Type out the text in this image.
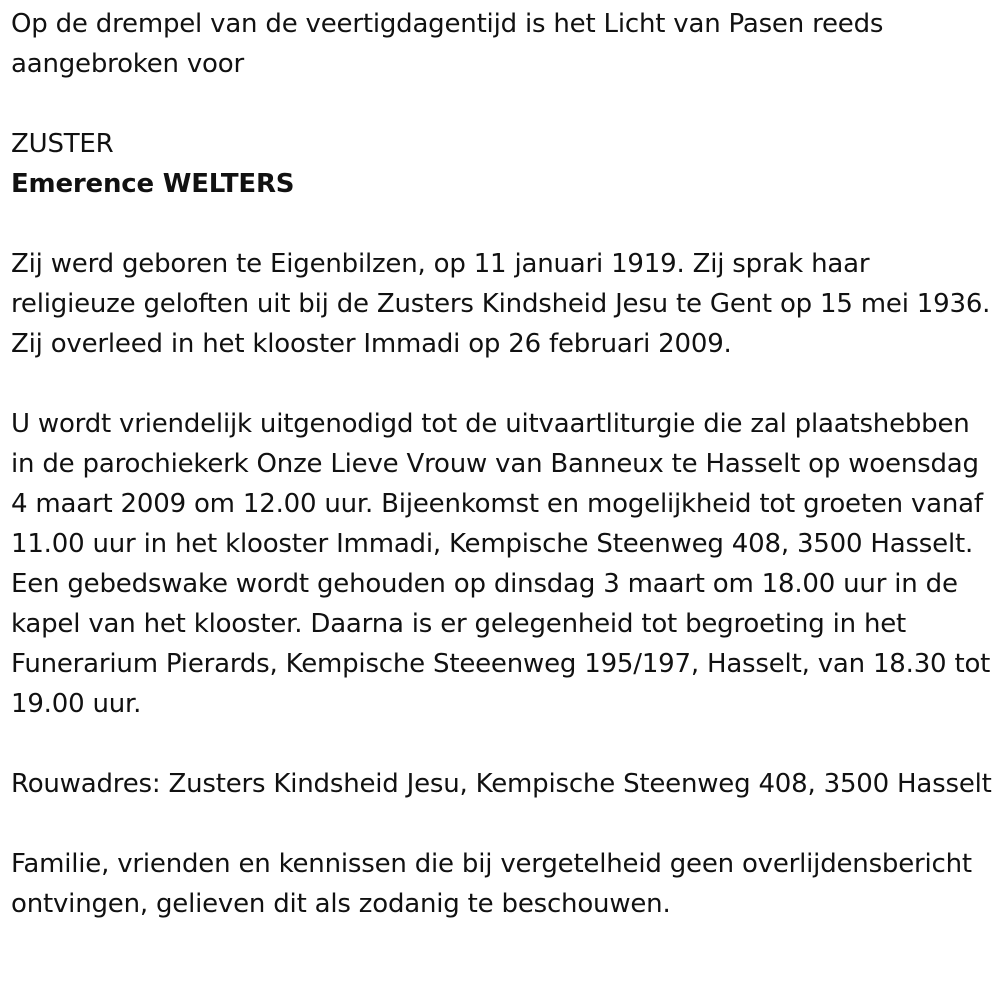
Op de drempel van de veertigdagentijd is het Licht van Pasen reeds aangebroken voor

ZUSTER

Emerence WELTERS

Zij werd geboren te Eigenbilzen, op 11 januari 1919. Zij sprak haar religieuze geloften uit bij de Zusters Kindsheid Jesu te Gent op 15 mei 1936. Zij overleed in het klooster Immadi op 26 februari 2009.

U wordt vriendelijk uitgenodigd tot de uitvaartliturgie die zal plaatshebben in de parochiekerk Onze Lieve Vrouw van Banneux te Hasselt op woensdag 4 maart 2009 om 12.00 uur. Bijeenkomst en mogelijkheid tot groeten vanaf 11.00 uur in het klooster Immadi, Kempische Steenweg 408, 3500 Hasselt. Een gebedswake wordt gehouden op dinsdag 3 maart om 18.00 uur in de kapel van het klooster. Daarna is er gelegenheid tot begroeting in het Funerarium Pierards, Kempische Steeenweg 195/197, Hasselt, van 18.30 tot 19.00 uur.

Rouwadres: Zusters Kindsheid Jesu, Kempische Steenweg 408, 3500 Hasselt

Familie, vrienden en kennissen die bij vergetelheid geen overlijdensbericht ontvingen, gelieven dit als zodanig te beschouwen.
